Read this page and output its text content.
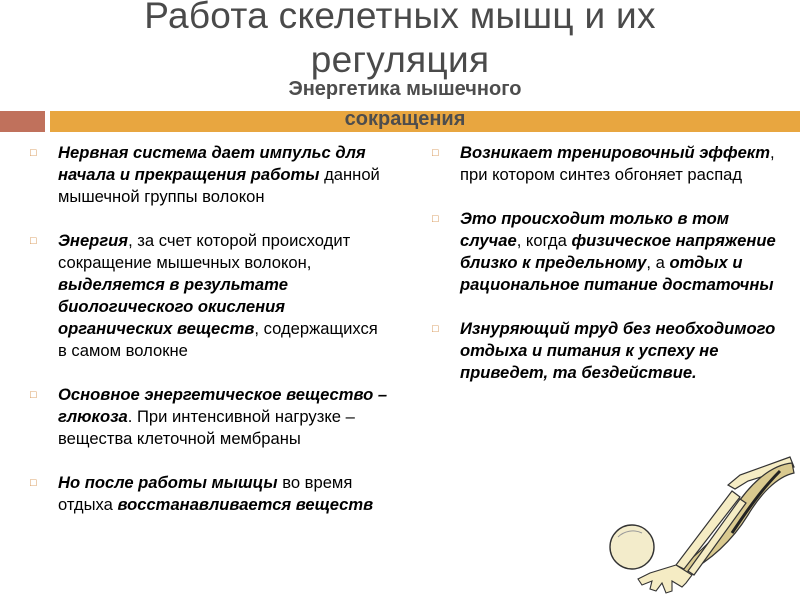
Работа скелетных мышц и их
регуляция
Энергетика мышечного
сокращения
□
Нервная система дает импульс для начала и прекращения работы данной мышечной группы волокон
□
Энергия, за счет которой происходит сокращение мышечных волокон, выделяется в результате биологического окисления органических веществ, содержащихся в самом волокне
□
Основное энергетическое вещество – глюкоза. При интенсивной нагрузке – вещества клеточной мембраны
□
Но после работы мышцы во время отдыха восстанавливается веществ
□
Возникает тренировочный эффект, при котором синтез обгоняет распад
□
Это происходит только в том случае, когда физическое напряжение близко к предельному, а отдых и рациональное питание достаточны
□
Изнуряющий труд без необходимого отдыха и питания к успеху не приведет, та бездействие.
